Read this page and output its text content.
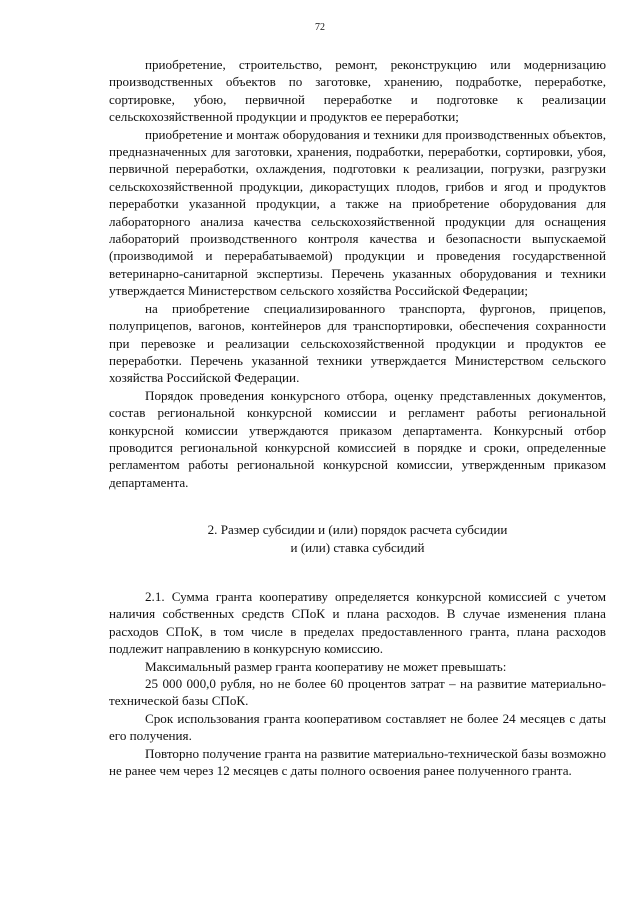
72

приобретение, строительство, ремонт, реконструкцию или модернизацию производственных объектов по заготовке, хранению, подработке, переработке, сортировке, убою, первичной переработке и подготовке к реализации сельскохозяйственной продукции и продуктов ее переработки;

приобретение и монтаж оборудования и техники для производственных объектов, предназначенных для заготовки, хранения, подработки, переработки, сортировки, убоя, первичной переработки, охлаждения, подготовки к реализации, погрузки, разгрузки сельскохозяйственной продукции, дикорастущих плодов, грибов и ягод и продуктов переработки указанной продукции, а также на приобретение оборудования для лабораторного анализа качества сельскохозяйственной продукции для оснащения лабораторий производственного контроля качества и безопасности выпускаемой (производимой и перерабатываемой) продукции и проведения государственной ветеринарно-санитарной экспертизы. Перечень указанных оборудования и техники утверждается Министерством сельского хозяйства Российской Федерации;

на приобретение специализированного транспорта, фургонов, прицепов, полуприцепов, вагонов, контейнеров для транспортировки, обеспечения сохранности при перевозке и реализации сельскохозяйственной продукции и продуктов ее переработки. Перечень указанной техники утверждается Министерством сельского хозяйства Российской Федерации.

Порядок проведения конкурсного отбора, оценку представленных документов, состав региональной конкурсной комиссии и регламент работы региональной конкурсной комиссии утверждаются приказом департамента. Конкурсный отбор проводится региональной конкурсной комиссией в порядке и сроки, определенные регламентом работы региональной конкурсной комиссии, утвержденным приказом департамента.

2. Размер субсидии и (или) порядок расчета субсидии
и (или) ставка субсидий

2.1. Сумма гранта кооперативу определяется конкурсной комиссией с учетом наличия собственных средств СПоК и плана расходов. В случае изменения плана расходов СПоК, в том числе в пределах предоставленного гранта, плана расходов подлежит направлению в конкурсную комиссию.

Максимальный размер гранта кооперативу не может превышать:

25 000 000,0 рубля, но не более 60 процентов затрат – на развитие материально-технической базы СПоК.

Срок использования гранта кооперативом составляет не более 24 месяцев с даты его получения.

Повторно получение гранта на развитие материально-технической базы возможно не ранее чем через 12 месяцев с даты полного освоения ранее полученного гранта.
